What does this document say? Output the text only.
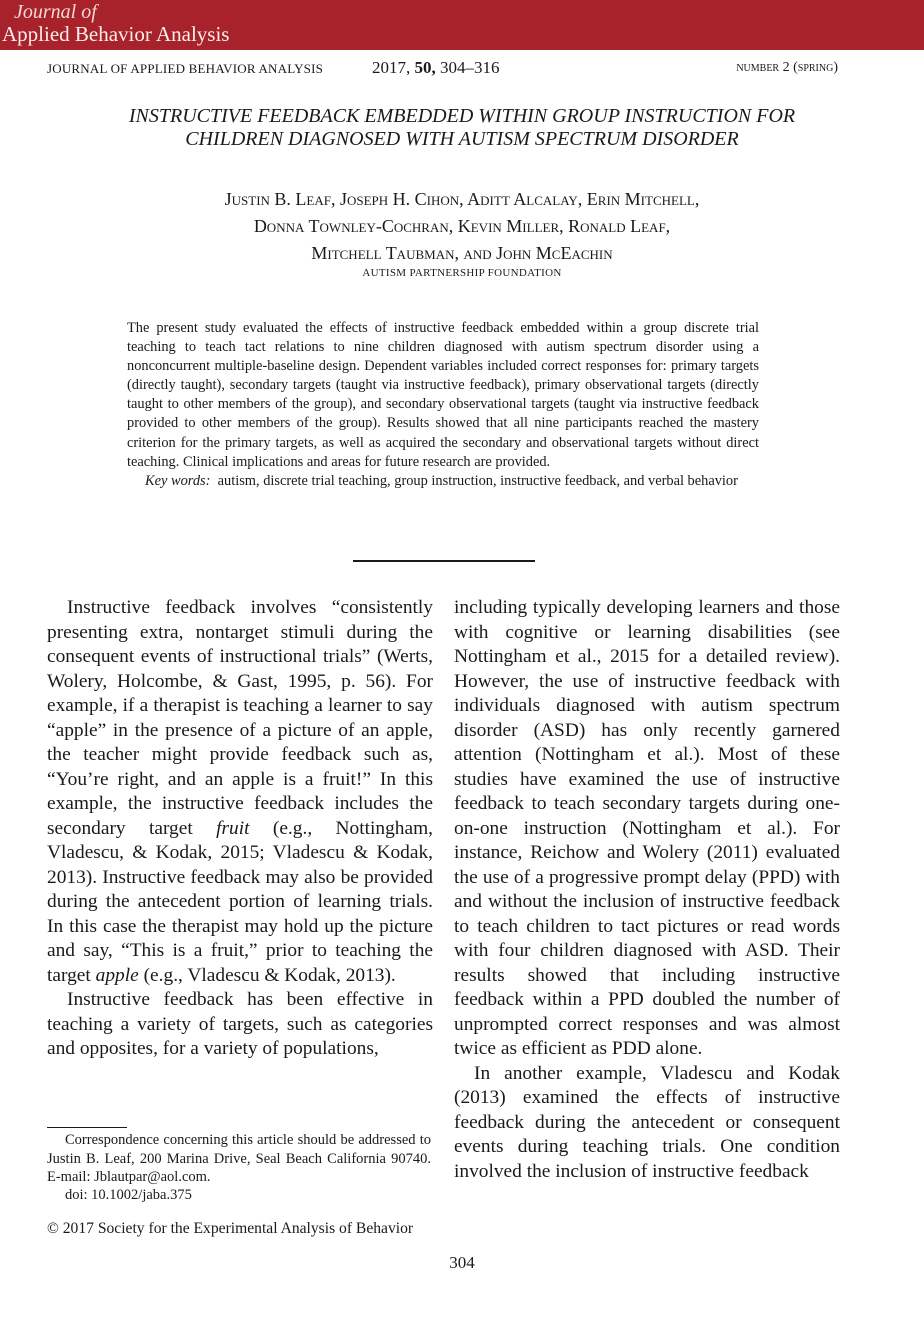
Journal of
Applied Behavior Analysis
JOURNAL OF APPLIED BEHAVIOR ANALYSIS	2017, 50, 304–316	number 2 (spring)
INSTRUCTIVE FEEDBACK EMBEDDED WITHIN GROUP INSTRUCTION FOR CHILDREN DIAGNOSED WITH AUTISM SPECTRUM DISORDER
Justin B. Leaf, Joseph H. Cihon, Aditt Alcalay, Erin Mitchell,
Donna Townley-Cochran, Kevin Miller, Ronald Leaf,
Mitchell Taubman, and John McEachin
AUTISM PARTNERSHIP FOUNDATION

The present study evaluated the effects of instructive feedback embedded within a group discrete trial teaching to teach tact relations to nine children diagnosed with autism spectrum disorder using a nonconcurrent multiple-baseline design. Dependent variables included correct responses for: primary targets (directly taught), secondary targets (taught via instructive feedback), primary observational targets (directly taught to other members of the group), and secondary observational targets (taught via instructive feedback provided to other members of the group). Results showed that all nine participants reached the mastery criterion for the primary targets, as well as acquired the secondary and observational targets without direct teaching. Clinical implications and areas for future research are provided.

Key words: autism, discrete trial teaching, group instruction, instructive feedback, and verbal behavior

Instructive feedback involves “consistently presenting extra, nontarget stimuli during the consequent events of instructional trials” (Werts, Wolery, Holcombe, & Gast, 1995, p. 56). For example, if a therapist is teaching a learner to say “apple” in the presence of a picture of an apple, the teacher might provide feedback such as, “You’re right, and an apple is a fruit!” In this example, the instructive feedback includes the secondary target fruit (e.g., Nottingham, Vladescu, & Kodak, 2015; Vladescu & Kodak, 2013). Instructive feedback may also be provided during the antecedent portion of learning trials. In this case the therapist may hold up the picture and say, “This is a fruit,” prior to teaching the target apple (e.g., Vladescu & Kodak, 2013).

Instructive feedback has been effective in teaching a variety of targets, such as categories and opposites, for a variety of populations,

including typically developing learners and those with cognitive or learning disabilities (see Nottingham et al., 2015 for a detailed review). However, the use of instructive feedback with individuals diagnosed with autism spectrum disorder (ASD) has only recently garnered attention (Nottingham et al.). Most of these studies have examined the use of instructive feedback to teach secondary targets during one-on-one instruction (Nottingham et al.). For instance, Reichow and Wolery (2011) evaluated the use of a progressive prompt delay (PPD) with and without the inclusion of instructive feedback to teach children to tact pictures or read words with four children diagnosed with ASD. Their results showed that including instructive feedback within a PPD doubled the number of unprompted correct responses and was almost twice as efficient as PDD alone.

In another example, Vladescu and Kodak (2013) examined the effects of instructive feedback during the antecedent or consequent events during teaching trials. One condition involved the inclusion of instructive feedback

Correspondence concerning this article should be addressed to Justin B. Leaf, 200 Marina Drive, Seal Beach California 90740. E-mail: Jblautpar@aol.com.

doi: 10.1002/jaba.375
© 2017 Society for the Experimental Analysis of Behavior
304
